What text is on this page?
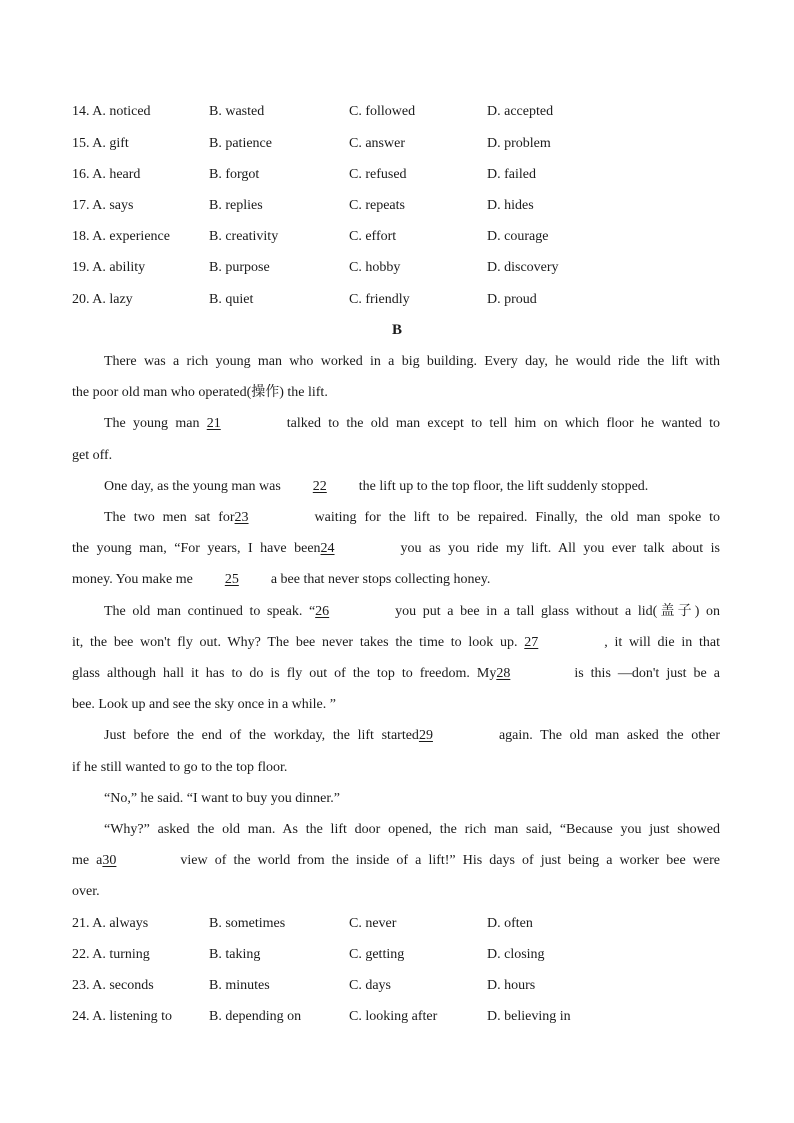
14. A. noticed	B. wasted	C. followed	D. accepted
15. A. gift	B. patience	C. answer	D. problem
16. A. heard	B. forgot	C. refused	D. failed
17. A. says	B. replies	C. repeats	D. hides
18. A. experience	B. creativity	C. effort	D. courage
19. A. ability	B. purpose	C. hobby	D. discovery
20. A. lazy	B. quiet	C. friendly	D. proud
B
There was a rich young man who worked in a big building. Every day, he would ride the lift with
the poor old man who operated(操作) the lift.
The young man 21	talked to the old man except to tell him on which floor he wanted to
get off.
One day, as the young man was 22 the lift up to the top floor, the lift suddenly stopped.
The two men sat for23	waiting for the lift to be repaired. Finally, the old man spoke to
the young man, “For years, I have been24	you as you ride my lift. All you ever talk about is
money. You make me 25 a bee that never stops collecting honey.
The old man continued to speak. “26	you put a bee in a tall glass without a lid(盖子) on
it, the bee won't fly out. Why? The bee never takes the time to look up. 27	, it will die in that
glass although hall it has to do is fly out of the top to freedom. My28	is this —don't just be a
bee. Look up and see the sky once in a while. ”
Just before the end of the workday, the lift started29	again. The old man asked the other
if he still wanted to go to the top floor.
“No,” he said. “I want to buy you dinner.”
“Why?” asked the old man. As the lift door opened, the rich man said, “Because you just showed
me a30	view of the world from the inside of a lift!” His days of just being a worker bee were
over.
21. A. always	B. sometimes	C. never	D. often
22. A. turning	B. taking	C. getting	D. closing
23. A. seconds	B. minutes	C. days	D. hours
24. A. listening to	B. depending on	C. looking after	D. believing in
